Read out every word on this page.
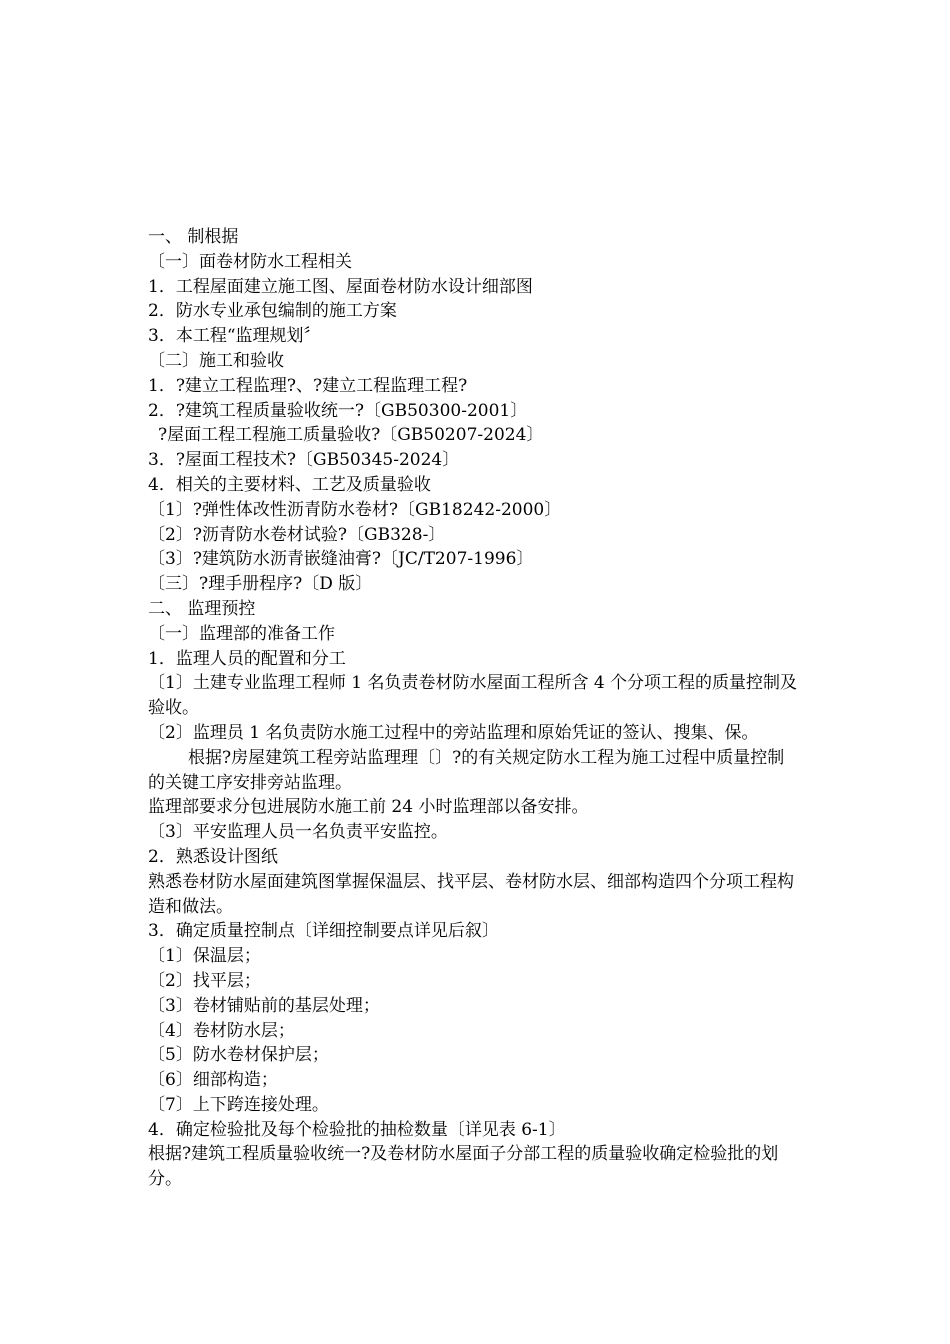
一、 制根据
〔一〕面卷材防水工程相关
1．工程屋面建立施工图、屋面卷材防水设计细部图
2．防水专业承包编制的施工方案
3．本工程“监理规划〞
〔二〕施工和验收
1．?建立工程监理?、?建立工程监理工程?
2．?建筑工程质量验收统一?〔GB50300-2001〕
?屋面工程工程施工质量验收?〔GB50207-2024〕
3．?屋面工程技术?〔GB50345-2024〕
4．相关的主要材料、工艺及质量验收
〔1〕?弹性体改性沥青防水卷材?〔GB18242-2000〕
〔2〕?沥青防水卷材试验?〔GB328-〕
〔3〕?建筑防水沥青嵌缝油膏?〔JC/T207-1996〕
〔三〕?理手册程序?〔D 版〕
二、 监理预控
〔一〕监理部的准备工作
1．监理人员的配置和分工
〔1〕土建专业监理工程师 1 名负责卷材防水屋面工程所含 4 个分项工程的质量控制及验收。
〔2〕监理员 1 名负责防水施工过程中的旁站监理和原始凭证的签认、搜集、保。
根据?房屋建筑工程旁站监理理〔〕?的有关规定防水工程为施工过程中质量控制的关键工序安排旁站监理。
监理部要求分包进展防水施工前 24 小时监理部以备安排。
〔3〕平安监理人员一名负责平安监控。
2．熟悉设计图纸
熟悉卷材防水屋面建筑图掌握保温层、找平层、卷材防水层、细部构造四个分项工程构造和做法。
3．确定质量控制点〔详细控制要点详见后叙〕
〔1〕保温层；
〔2〕找平层；
〔3〕卷材铺贴前的基层处理；
〔4〕卷材防水层；
〔5〕防水卷材保护层；
〔6〕细部构造；
〔7〕上下跨连接处理。
4．确定检验批及每个检验批的抽检数量〔详见表 6-1〕
根据?建筑工程质量验收统一?及卷材防水屋面子分部工程的质量验收确定检验批的划分。
